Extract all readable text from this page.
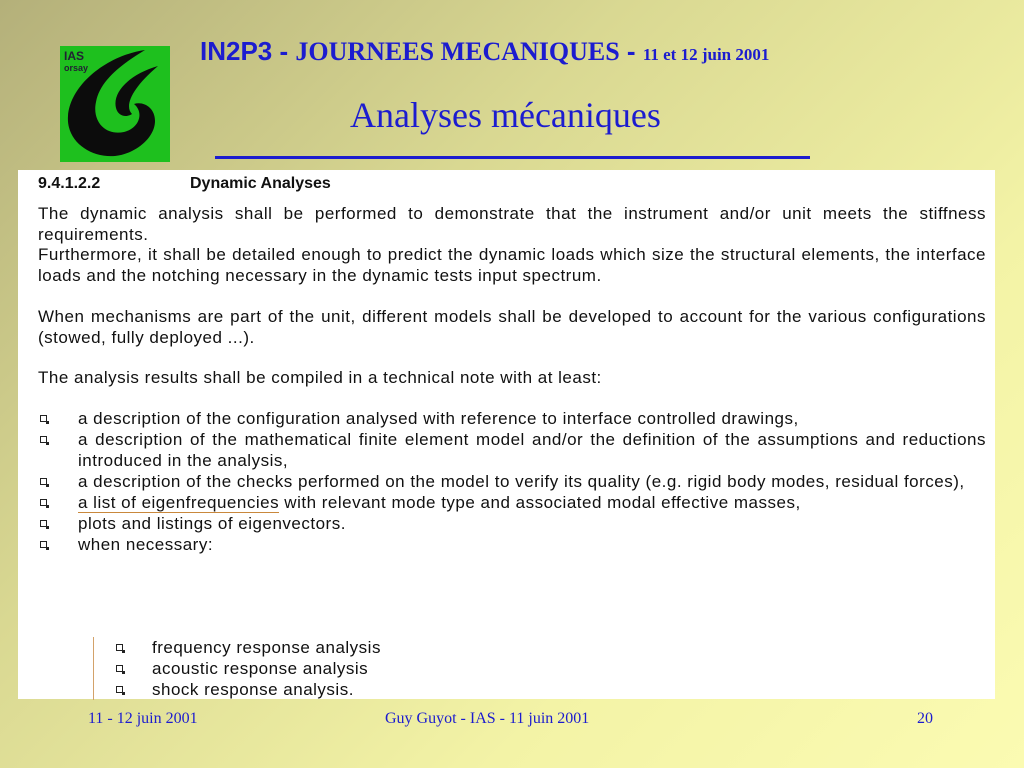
IAS
orsay
IN2P3 - JOURNEES MECANIQUES - 11 et 12 juin 2001
Analyses mécaniques
9.4.1.2.2	Dynamic Analyses
The dynamic analysis shall be performed to demonstrate that the instrument and/or unit meets the stiffness requirements.
Furthermore, it shall be detailed enough to predict the dynamic loads which size the structural elements, the interface loads and the notching necessary in the dynamic tests input spectrum.
When mechanisms are part of the unit, different models shall be developed to account for the various configurations (stowed, fully deployed ...).
The analysis results shall be compiled in a technical note with at least:
a description of the configuration analysed with reference to interface controlled drawings,
a description of the mathematical finite element model and/or the definition of the assumptions and reductions introduced in the analysis,
a description of the checks performed on the model to verify its quality (e.g. rigid body modes, residual forces),
a list of eigenfrequencies with relevant mode type and associated modal effective masses,
plots and listings of eigenvectors.
when necessary:
frequency response analysis
acoustic response analysis
shock response analysis.
11 - 12 juin 2001	Guy Guyot - IAS - 11 juin 2001	20
